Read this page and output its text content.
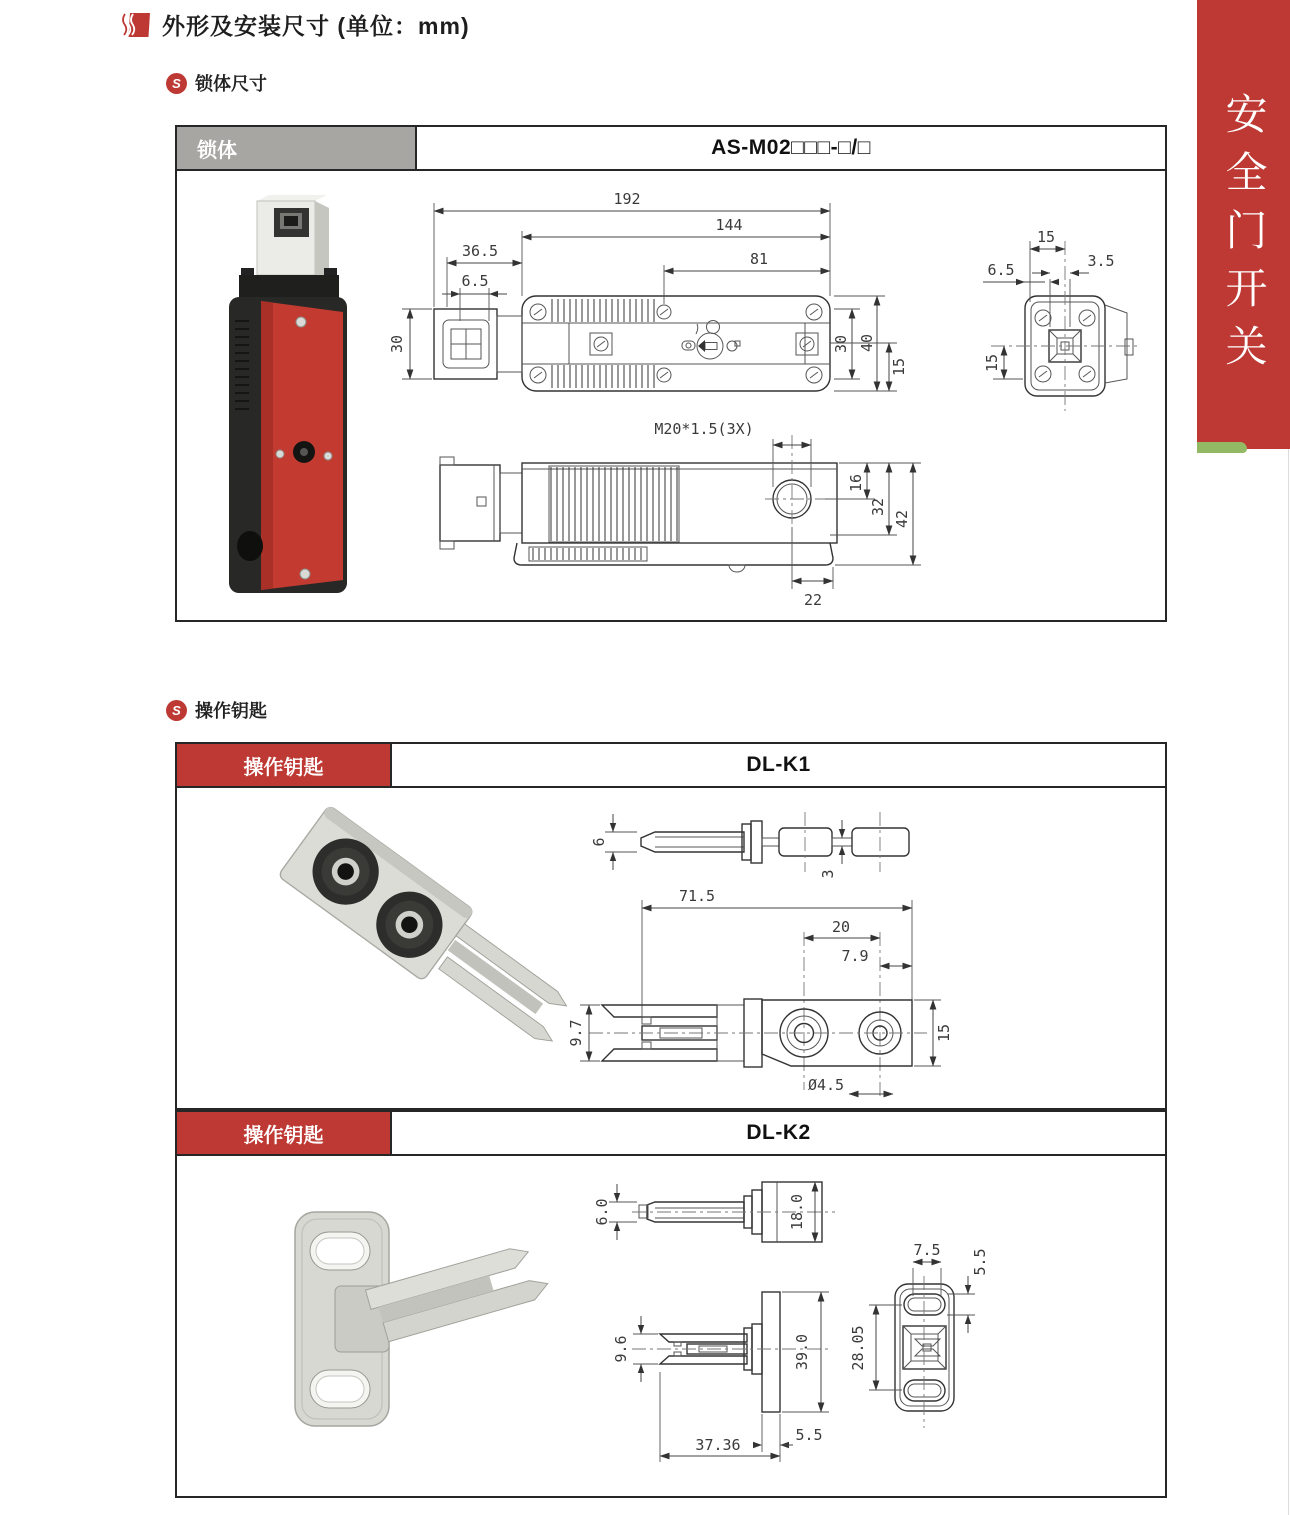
外形及安装尺寸 (单位：mm)
安全门开关
S 锁体尺寸
锁体	AS-M02□□□-□/□
192
144
81
36.5
6.5
30	30 40
15
15
3.5
6.5
15
M20*1.5(3X)
16
32
42
22
S 操作钥匙
操作钥匙	DL-K1
6
3
71.5
20
7.9
9.7	15
Ø4.5
操作钥匙	DL-K2
6.0	18.0
9.6	39.0
5.5
37.36
7.5 5.5
28.05
